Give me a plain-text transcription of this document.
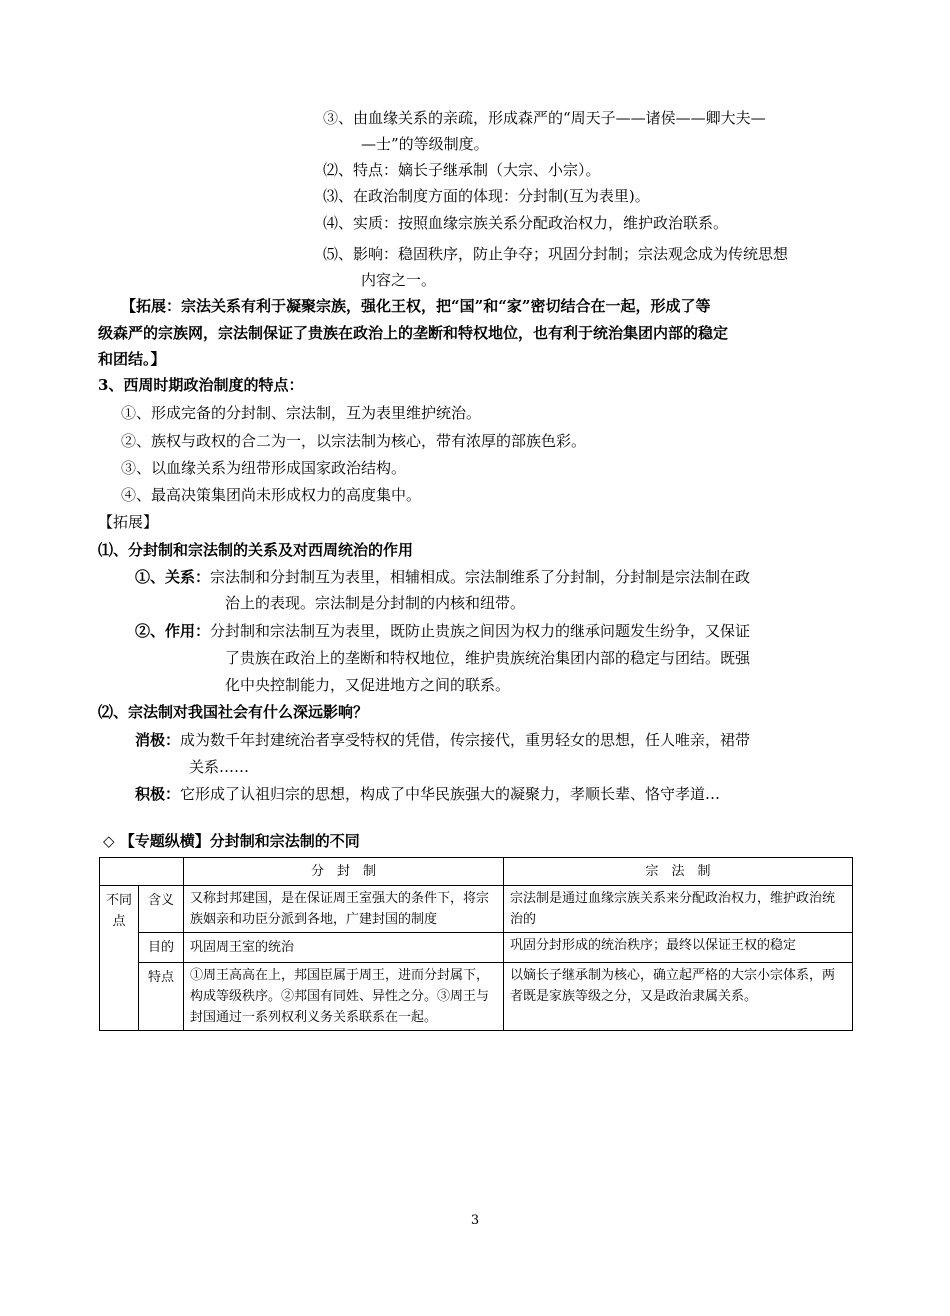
③、由血缘关系的亲疏，形成森严的“周天子——诸侯——卿大夫—
—士”的等级制度。
⑵、特点：嫡长子继承制（大宗、小宗）。
⑶、在政治制度方面的体现：分封制(互为表里)。
⑷、实质：按照血缘宗族关系分配政治权力，维护政治联系。
⑸、影响：稳固秩序，防止争夺；巩固分封制；宗法观念成为传统思想
内容之一。
【拓展：宗法关系有利于凝聚宗族，强化王权，把“国”和“家”密切结合在一起，形成了等
级森严的宗族网，宗法制保证了贵族在政治上的垄断和特权地位，也有利于统治集团内部的稳定
和团结。】
3、西周时期政治制度的特点：
①、形成完备的分封制、宗法制，互为表里维护统治。
②、族权与政权的合二为一，以宗法制为核心，带有浓厚的部族色彩。
③、以血缘关系为纽带形成国家政治结构。
④、最高决策集团尚未形成权力的高度集中。
【拓展】
⑴、分封制和宗法制的关系及对西周统治的作用
①、关系：宗法制和分封制互为表里，相辅相成。宗法制维系了分封制，分封制是宗法制在政
治上的表现。宗法制是分封制的内核和纽带。
②、作用：分封制和宗法制互为表里，既防止贵族之间因为权力的继承问题发生纷争，又保证
了贵族在政治上的垄断和特权地位，维护贵族统治集团内部的稳定与团结。既强
化中央控制能力，又促进地方之间的联系。
⑵、宗法制对我国社会有什么深远影响？
消极：成为数千年封建统治者享受特权的凭借，传宗接代，重男轻女的思想，任人唯亲，裙带
关系……
积极：它形成了认祖归宗的思想，构成了中华民族强大的凝聚力，孝顺长辈、恪守孝道…
◇ 【专题纵横】分封制和宗法制的不同
		分　封　制	宗　法　制
不同点	含义	又称封邦建国，是在保证周王室强大的条件下，将宗族姻亲和功臣分派到各地，广建封国的制度	宗法制是通过血缘宗族关系来分配政治权力，维护政治统治的
	目的	巩固周王室的统治	巩固分封形成的统治秩序；最终以保证王权的稳定
	特点	①周王高高在上，邦国臣属于周王，进而分封属下，构成等级秩序。②邦国有同姓、异性之分。③周王与封国通过一系列权利义务关系联系在一起。	以嫡长子继承制为核心，确立起严格的大宗小宗体系，两者既是家族等级之分，又是政治隶属关系。
3
